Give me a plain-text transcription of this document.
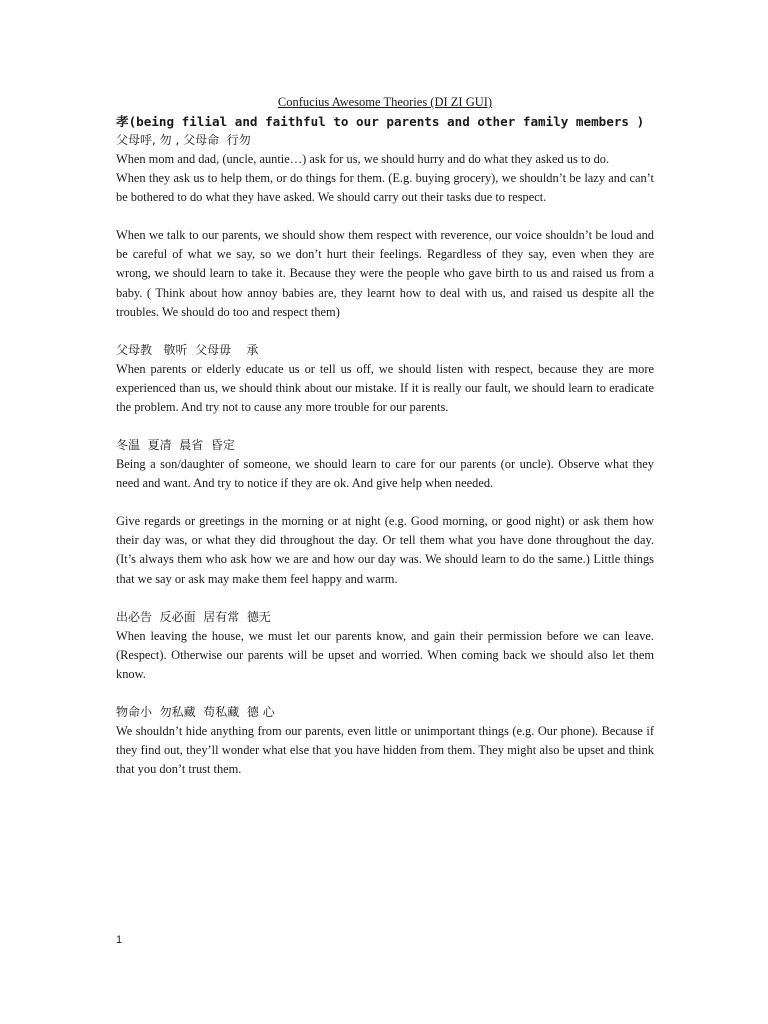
Confucius Awesome Theories (DI ZI GUI)

孝(being filial and faithful to our parents and other family members )

父母呼, 勿 , 父母命  行勿

When mom and dad, (uncle, auntie…) ask for us, we should hurry and do what they asked us to do.

When they ask us to help them, or do things for them. (E.g. buying grocery), we shouldn’t be lazy and can’t be bothered to do what they have asked. We should carry out their tasks due to respect.

When we talk to our parents, we should show them respect with reverence, our voice shouldn’t be loud and be careful of what we say, so we don’t hurt their feelings. Regardless of they say, even when they are wrong, we should learn to take it. Because they were the people who gave birth to us and raised us from a baby. ( Think about how annoy babies are, they learnt how to deal with us, and raised us despite all the troubles. We should do too and respect them)

父母教   敬听  父母毋    承

When parents or elderly educate us or tell us off, we should listen with respect, because they are more experienced than us, we should think about our mistake. If it is really our fault, we should learn to eradicate the problem. And try not to cause any more trouble for our parents.

冬温  夏凊  晨省  昏定

Being a son/daughter of someone, we should learn to care for our parents (or uncle). Observe what they need and want. And try to notice if they are ok. And give help when needed.

Give regards or greetings in the morning or at night (e.g. Good morning, or good night) or ask them how their day was, or what they did throughout the day. Or tell them what you have done throughout the day. (It’s always them who ask how we are and how our day was. We should learn to do the same.) Little things that we say or ask may make them feel happy and warm.

出必告  反必面  居有常  德无

When leaving the house, we must let our parents know, and gain their permission before we can leave. (Respect). Otherwise our parents will be upset and worried. When coming back we should also let them know.

物命小  勿私藏  苟私藏  德 心

We shouldn’t hide anything from our parents, even little or unimportant things (e.g. Our phone). Because if they find out, they’ll wonder what else that you have hidden from them. They might also be upset and think that you don’t trust them.

1
